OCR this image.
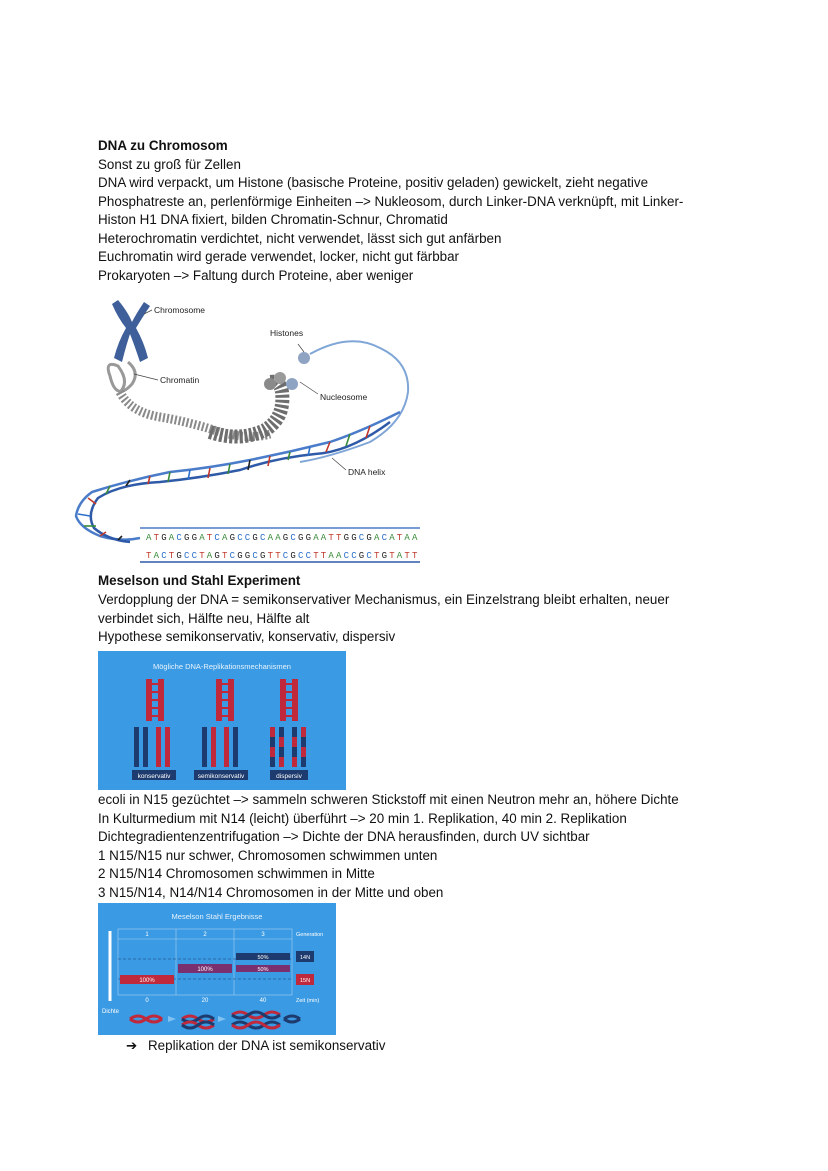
DNA zu Chromosom
Sonst zu groß für Zellen
DNA wird verpackt, um Histone (basische Proteine, positiv geladen) gewickelt, zieht negative
Phosphatreste an, perlenförmige Einheiten –> Nukleosom, durch Linker-DNA verknüpft, mit Linker-
Histon H1 DNA fixiert, bilden Chromatin-Schnur, Chromatid
Heterochromatin verdichtet, nicht verwendet, lässt sich gut anfärben
Euchromatin wird gerade verwendet, locker, nicht gut färbbar
Prokaryoten –> Faltung durch Proteine, aber weniger
Chromosome
Chromatin
Histones
Nucleosome
DNA helix
A T G A C G G A T C A G C C G C A A G C G G A A T T G G C G A C A T A A
T A C T G C C T A G T C G G C G T T C G C C T T A A C C G C T G T A T T
Meselson und Stahl Experiment
Verdopplung der DNA = semikonservativer Mechanismus, ein Einzelstrang bleibt erhalten, neuer
verbindet sich, Hälfte neu, Hälfte alt
Hypothese semikonservativ, konservativ, dispersiv
Mögliche DNA-Replikationsmechanismen
konservativ	semikonservativ	dispersiv
ecoli in N15 gezüchtet –> sammeln schweren Stickstoff mit einen Neutron mehr an, höhere Dichte
In Kulturmedium mit N14 (leicht) überführt –> 20 min 1. Replikation, 40 min 2. Replikation
Dichtegradientenzentrifugation –> Dichte der DNA herausfinden, durch UV sichtbar
1 N15/N15 nur schwer, Chromosomen schwimmen unten
2 N15/N14 Chromosomen schwimmen in Mitte
3 N15/N14, N14/N14 Chromosomen in der Mitte und oben
Meselson Stahl Ergebnisse
Dichte
1	2	3	Generation
100%
100%	50%
50%	14N
15N
0	20	40	Zeit (min)
➔ Replikation der DNA ist semikonservativ
